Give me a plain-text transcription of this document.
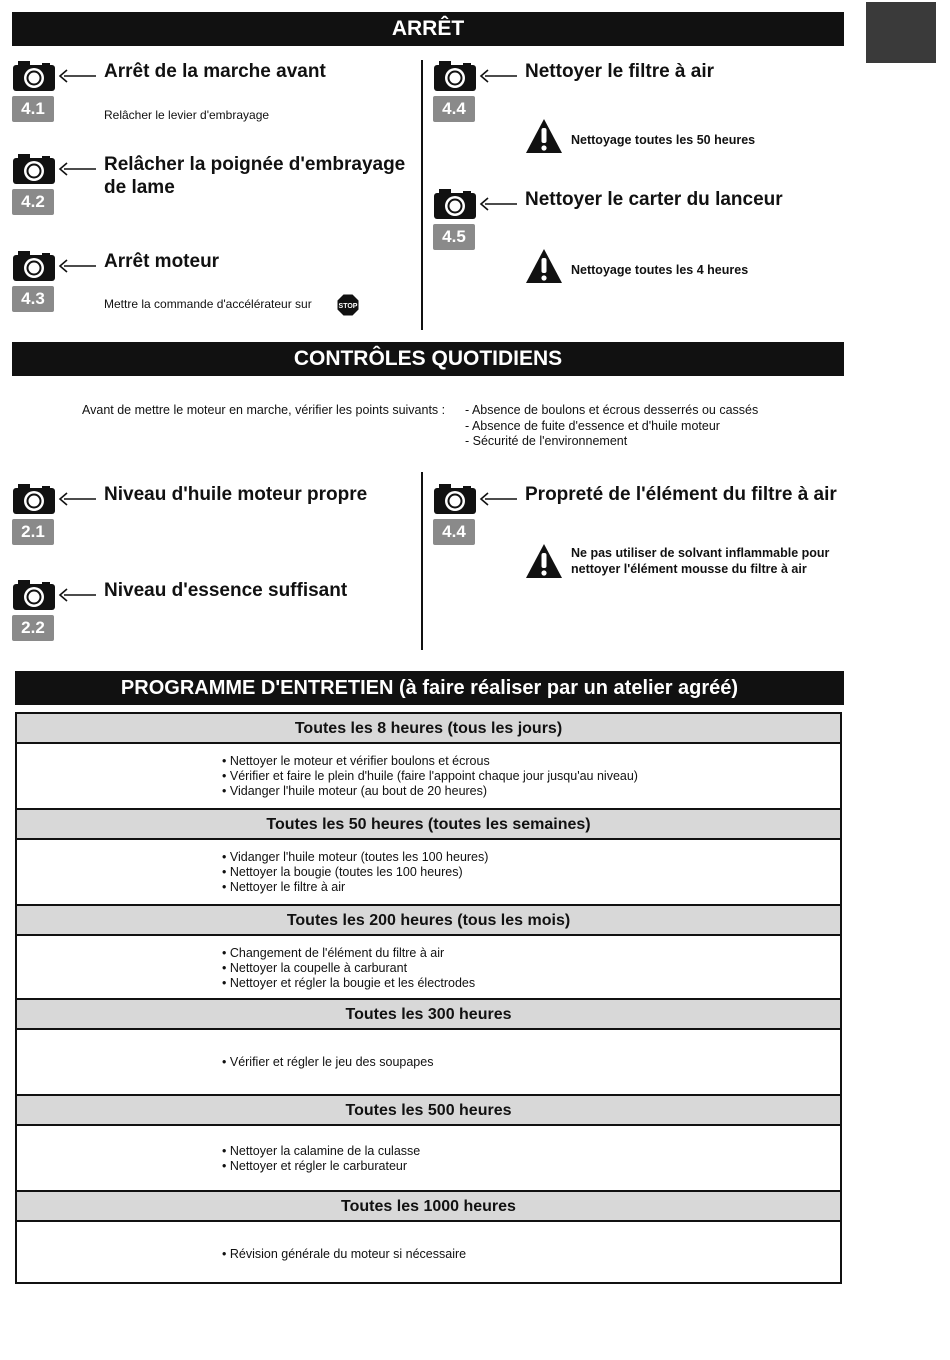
ARRÊT
4.1
Arrêt de la marche avant
Relâcher le levier d'embrayage
4.2
Relâcher la poignée d'embrayage
de lame
4.3
Arrêt moteur
Mettre la commande d'accélérateur sur	STOP
4.4
Nettoyer le filtre à air
Nettoyage toutes les 50 heures
4.5
Nettoyer le carter du lanceur
Nettoyage toutes les 4 heures
CONTRÔLES QUOTIDIENS
Avant de mettre le moteur en marche, vérifier les points suivants : - Absence de boulons et écrous desserrés ou cassés
- Absence de fuite d'essence et d'huile moteur
- Sécurité de l'environnement
2.1
Niveau d'huile moteur propre
2.2
Niveau d'essence suffisant
4.4
Propreté de l'élément du filtre à air
Ne pas utiliser de solvant inflammable pour
nettoyer l'élément mousse du filtre à air
PROGRAMME D'ENTRETIEN (à faire réaliser par un atelier agréé)
Toutes les 8 heures (tous les jours)
• Nettoyer le moteur et vérifier boulons et écrous
• Vérifier et faire le plein d'huile (faire l'appoint chaque jour jusqu'au niveau)
• Vidanger l'huile moteur (au bout de 20 heures)
Toutes les 50 heures (toutes les semaines)
• Vidanger l'huile moteur (toutes les 100 heures)
• Nettoyer la bougie (toutes les 100 heures)
• Nettoyer le filtre à air
Toutes les 200 heures (tous les mois)
• Changement de l'élément du filtre à air
• Nettoyer la coupelle à carburant
• Nettoyer et régler la bougie et les électrodes
Toutes les 300 heures
• Vérifier et régler le jeu des soupapes
Toutes les 500 heures
• Nettoyer la calamine de la culasse
• Nettoyer et régler le carburateur
Toutes les 1000 heures
• Révision générale du moteur si nécessaire
